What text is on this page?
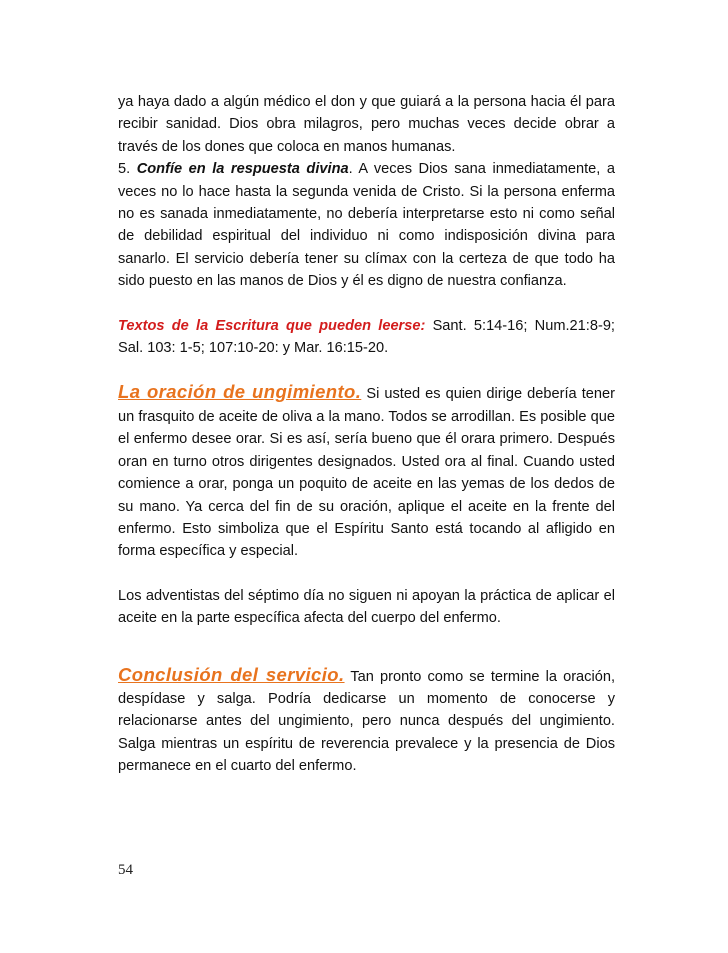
ya haya dado a algún médico el don y que guiará a la persona hacia él para recibir sanidad. Dios obra milagros, pero muchas veces decide obrar a través de los dones que coloca en manos humanas.

5. Confíe en la respuesta divina. A veces Dios sana inmediatamente, a veces no lo hace hasta la segunda venida de Cristo. Si la persona enferma no es sanada inmediatamente, no debería interpretarse esto ni como señal de debilidad espiritual del individuo ni como indisposición divina para sanarlo. El servicio debería tener su clímax con la certeza de que todo ha sido puesto en las manos de Dios y él es digno de nuestra confianza.

Textos de la Escritura que pueden leerse: Sant. 5:14-16; Num.21:8-9; Sal. 103: 1-5; 107:10-20: y Mar. 16:15-20.

La oración de ungimiento. Si usted es quien dirige debería tener un frasquito de aceite de oliva a la mano. Todos se arrodillan. Es posible que el enfermo desee orar. Si es así, sería bueno que él orara primero. Después oran en turno otros dirigentes designados. Usted ora al final. Cuando usted comience a orar, ponga un poquito de aceite en las yemas de los dedos de su mano. Ya cerca del fin de su oración, aplique el aceite en la frente del enfermo. Esto simboliza que el Espíritu Santo está tocando al afligido en forma específica y especial.

Los adventistas del séptimo día no siguen ni apoyan la práctica de aplicar el aceite en la parte específica afecta del cuerpo del enfermo.

Conclusión del servicio. Tan pronto como se termine la oración, despídase y salga. Podría dedicarse un momento de conocerse y relacionarse antes del ungimiento, pero nunca después del ungimiento. Salga mientras un espíritu de reverencia prevalece y la presencia de Dios permanece en el cuarto del enfermo.

54
